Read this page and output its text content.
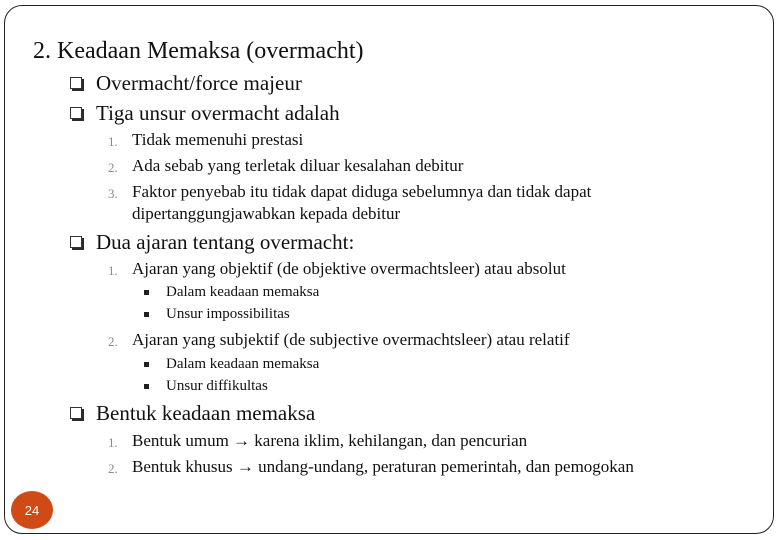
2. Keadaan Memaksa (overmacht)
Overmacht/force majeur
Tiga unsur overmacht adalah
1. Tidak memenuhi prestasi
2. Ada sebab yang terletak diluar kesalahan debitur
3. Faktor penyebab itu tidak dapat diduga sebelumnya dan tidak dapat
dipertanggungjawabkan kepada debitur
Dua ajaran tentang overmacht:
1. Ajaran yang objektif (de objektive overmachtsleer) atau absolut
Dalam keadaan memaksa
Unsur impossibilitas
2. Ajaran yang subjektif (de subjective overmachtsleer) atau relatif
Dalam keadaan memaksa
Unsur diffikultas
Bentuk keadaan memaksa
1. Bentuk umum → karena iklim, kehilangan, dan pencurian
2. Bentuk khusus → undang-undang, peraturan pemerintah, dan pemogokan
24
